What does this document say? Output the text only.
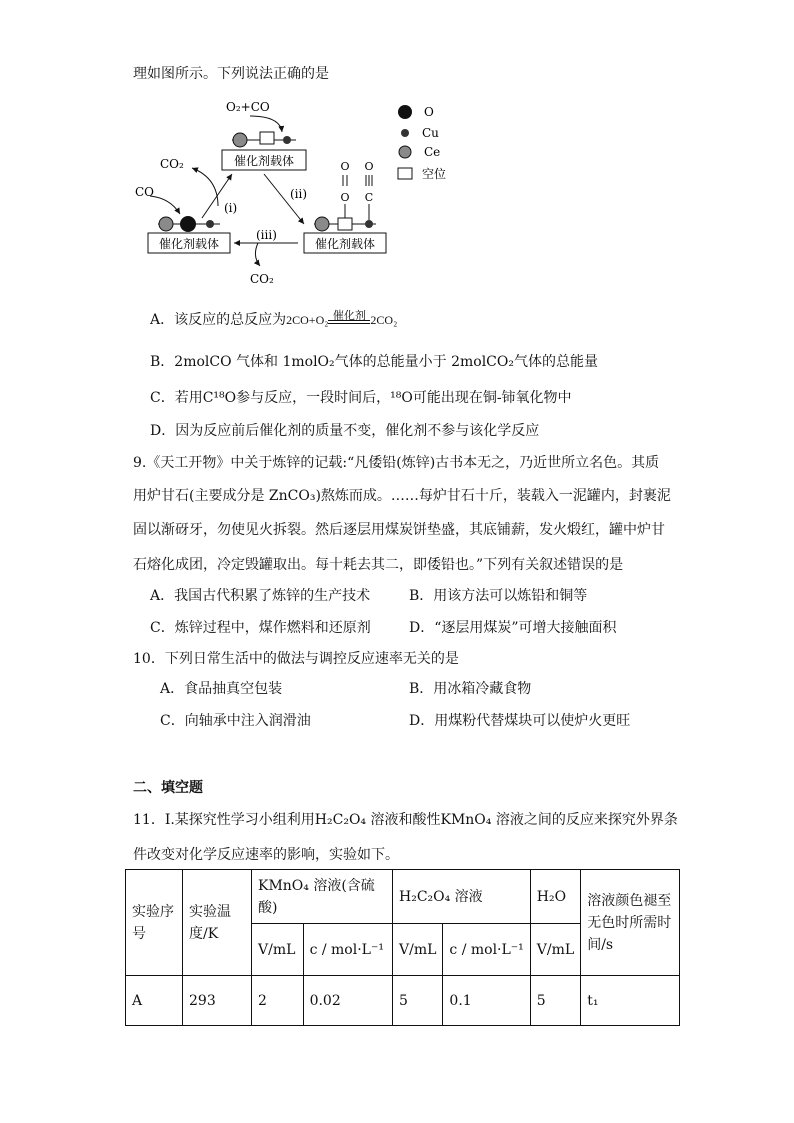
理如图所示。下列说法正确的是
催化剂载体
O₂+CO
催化剂载体
CO
CO₂
(i)
催化剂载体
O
O
O
C
(ii)
(iii)
CO₂
O
Cu
Ce
空位
A．该反应的总反应为2CO+O₂ 催化剂 2CO₂
B．2molCO 气体和 1molO₂气体的总能量小于 2molCO₂气体的总能量
C．若用C¹⁸O参与反应，一段时间后，¹⁸O可能出现在铜-铈氧化物中
D．因为反应前后催化剂的质量不变，催化剂不参与该化学反应
9.《天工开物》中关于炼锌的记载:“凡倭铅(炼锌)古书本无之，乃近世所立名色。其质
用炉甘石(主要成分是 ZnCO₃)熬炼而成。……每炉甘石十斤，装载入一泥罐内，封裹泥
固以渐砑牙，勿使见火拆裂。然后逐层用煤炭饼垫盛，其底铺薪，发火煅红，罐中炉甘
石熔化成团，冷定毁罐取出。每十耗去其二，即倭铅也。”下列有关叙述错误的是
A．我国古代积累了炼锌的生产技术	B．用该方法可以炼铅和铜等
C．炼锌过程中，煤作燃料和还原剂	D．“逐层用煤炭”可增大接触面积
10．下列日常生活中的做法与调控反应速率无关的是
A．食品抽真空包装	B．用冰箱冷藏食物
C．向轴承中注入润滑油	D．用煤粉代替煤块可以使炉火更旺
二、填空题
11．I.某探究性学习小组利用H₂C₂O₄ 溶液和酸性KMnO₄ 溶液之间的反应来探究外界条
件改变对化学反应速率的影响，实验如下。
实验序号	实验温度/K	KMnO₄ 溶液(含硫酸)		H₂C₂O₄ 溶液		H₂O	溶液颜色褪至无色时所需时间/s
		V/mL	c / mol·L⁻¹	V/mL	c / mol·L⁻¹	V/mL	
A	293	2	0.02	5	0.1	5	t₁
